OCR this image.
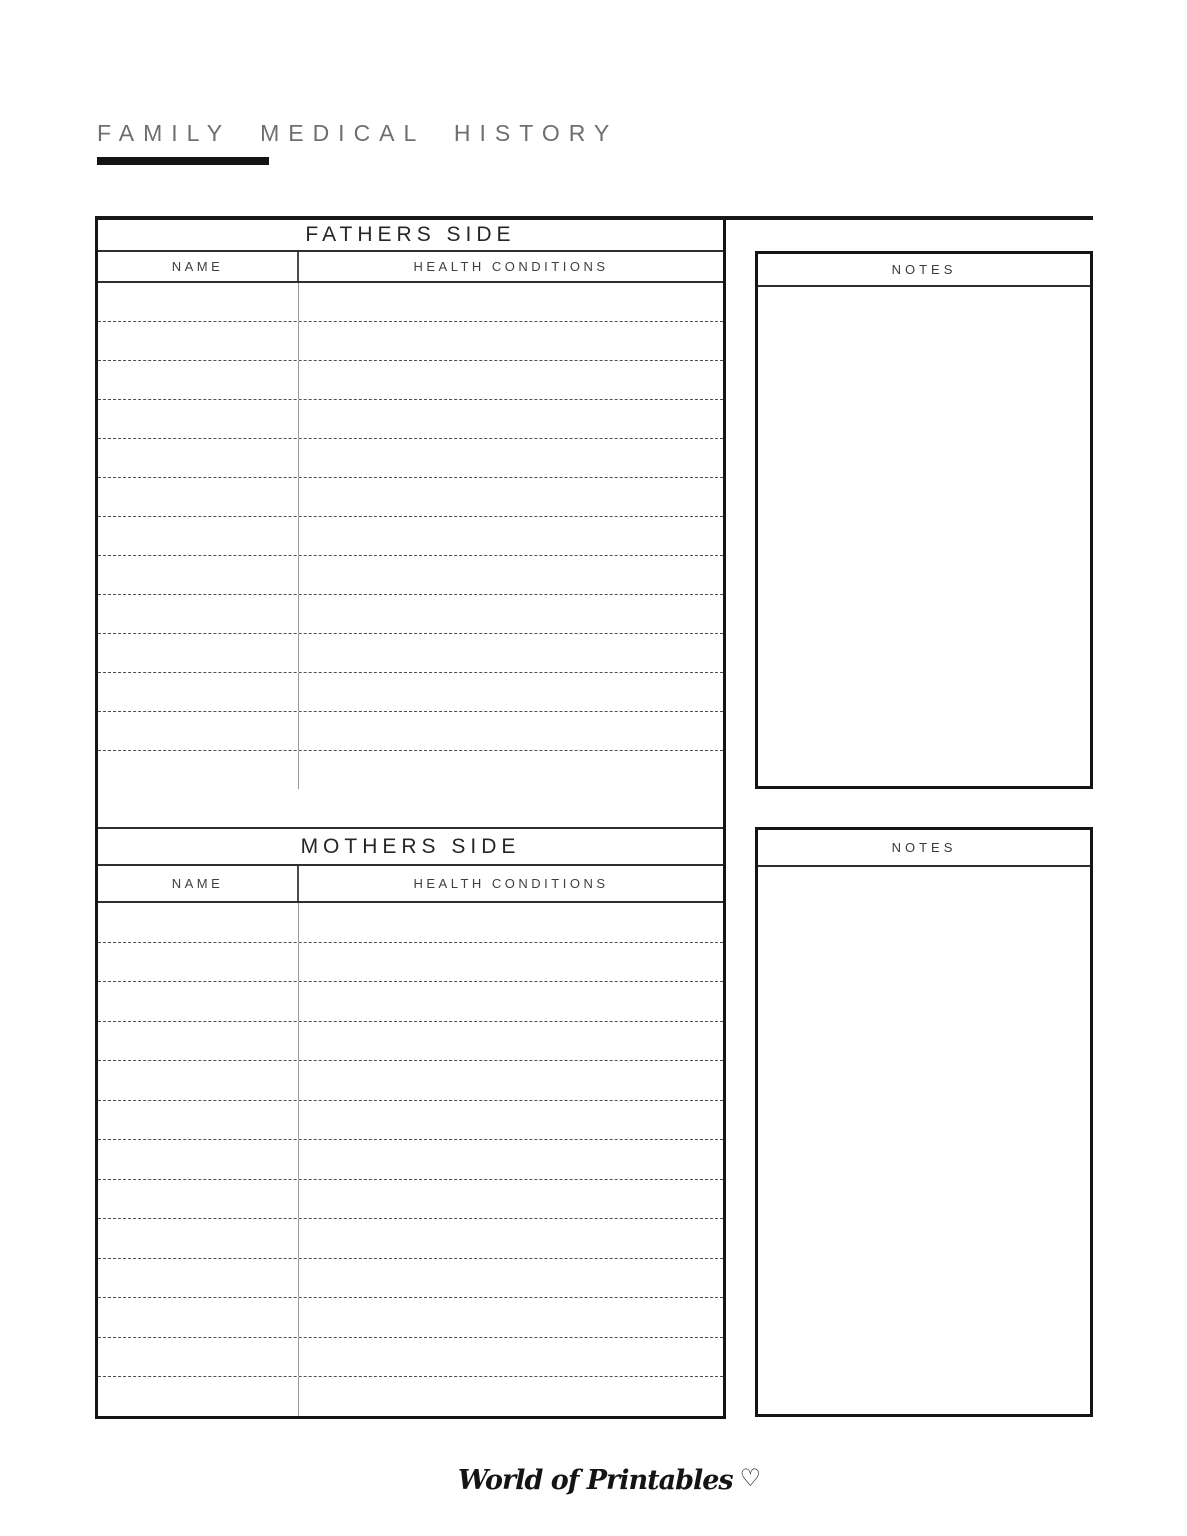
FAMILY MEDICAL HISTORY
FATHERS SIDE
NAME	HEALTH CONDITIONS
MOTHERS SIDE
NAME	HEALTH CONDITIONS
NOTES
NOTES
World of Printables ♡
